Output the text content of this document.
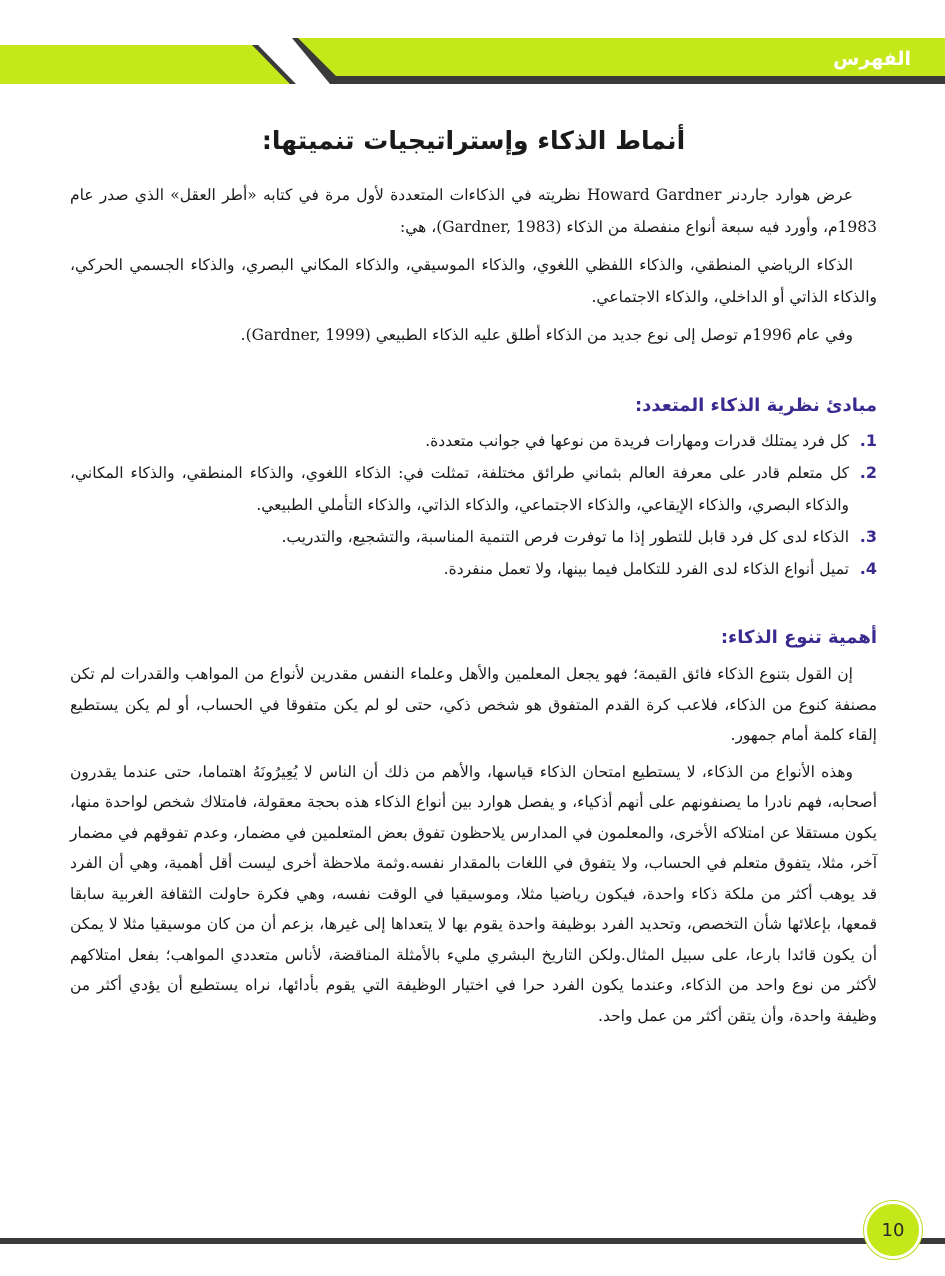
الفهرس
أنماط الذكاء وإستراتيجيات تنميتها:

عرض هوارد جاردنر Howard Gardner نظريته في الذكاءات المتعددة لأول مرة في كتابه «أطر العقل» الذي صدر عام 1983م، وأورد فيه سبعة أنواع منفصلة من الذكاء (Gardner, 1983)، هي:

الذكاء الرياضي المنطقي، والذكاء اللفظي اللغوي، والذكاء الموسيقي، والذكاء المكاني البصري، والذكاء الجسمي الحركي، والذكاء الذاتي أو الداخلي، والذكاء الاجتماعي.

وفي عام 1996م توصل إلى نوع جديد من الذكاء أطلق عليه الذكاء الطبيعي (Gardner, 1999).

مبادئ نظرية الذكاء المتعدد:
1.
كل فرد يمتلك قدرات ومهارات فريدة من نوعها في جوانب متعددة.
2.
كل متعلم قادر على معرفة العالم بثماني طرائق مختلفة، تمثلت في: الذكاء اللغوي، والذكاء المنطقي، والذكاء المكاني، والذكاء البصري، والذكاء الإيقاعي، والذكاء الاجتماعي، والذكاء الذاتي، والذكاء التأملي الطبيعي.
3.
الذكاء لدى كل فرد قابل للتطور إذا ما توفرت فرص التنمية المناسبة، والتشجيع، والتدريب.
4.
تميل أنواع الذكاء لدى الفرد للتكامل فيما بينها، ولا تعمل منفردة.
أهمية تنوع الذكاء:

إن القول بتنوع الذكاء فائق القيمة؛ فهو يجعل المعلمين والأهل وعلماء النفس مقدرين لأنواع من المواهب والقدرات لم تكن مصنفة كنوع من الذكاء، فلاعب كرة القدم المتفوق هو شخص ذكي، حتى لو لم يكن متفوقا في الحساب، أو لم يكن يستطيع إلقاء كلمة أمام جمهور.

وهذه الأنواع من الذكاء، لا يستطيع امتحان الذكاء قياسها، والأهم من ذلك أن الناس لا يُعِيرُونَهُ اهتماما، حتى عندما يقدرون أصحابه، فهم نادرا ما يصنفونهم على أنهم أذكياء، و يفصل هوارد بين أنواع الذكاء هذه بحجة معقولة، فامتلاك شخص لواحدة منها، يكون مستقلا عن امتلاكه الأخرى، والمعلمون في المدارس يلاحظون تفوق بعض المتعلمين في مضمار، وعدم تفوقهم في مضمار آخر، مثلا، يتفوق متعلم في الحساب، ولا يتفوق في اللغات بالمقدار نفسه.وثمة ملاحظة أخرى ليست أقل أهمية، وهي أن الفرد قد يوهب أكثر من ملكة ذكاء واحدة، فيكون رياضيا مثلا، وموسيقيا في الوقت نفسه، وهي فكرة حاولت الثقافة الغربية سابقا قمعها، بإعلائها شأن التخصص، وتحديد الفرد بوظيفة واحدة يقوم بها لا يتعداها إلى غيرها، بزعم أن من كان موسيقيا مثلا لا يمكن أن يكون قائدا بارعا، على سبيل المثال.ولكن التاريخ البشري مليء بالأمثلة المناقضة، لأناس متعددي المواهب؛ بفعل امتلاكهم لأكثر من نوع واحد من الذكاء، وعندما يكون الفرد حرا في اختيار الوظيفة التي يقوم بأدائها، نراه يستطيع أن يؤدي أكثر من وظيفة واحدة، وأن يتقن أكثر من عمل واحد.

10
